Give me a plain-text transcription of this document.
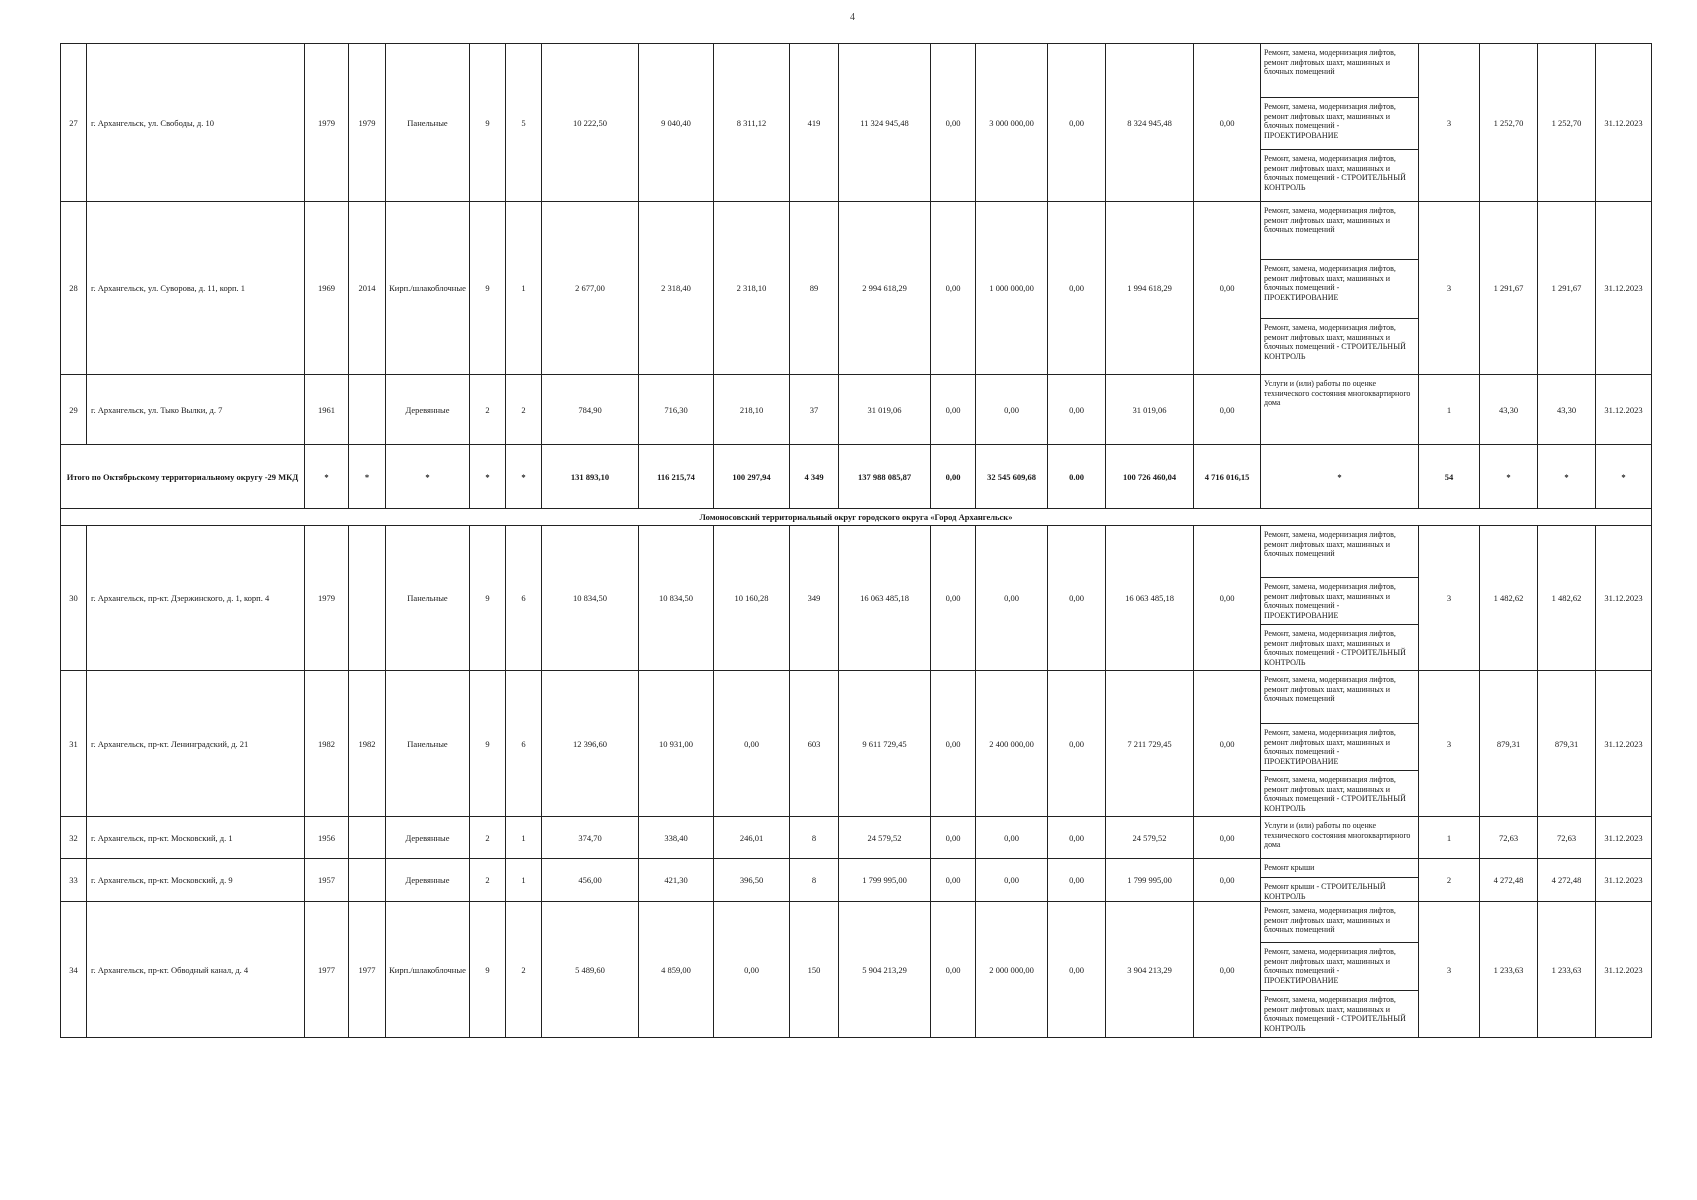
4
27	г. Архангельск, ул. Свободы, д. 10	1979	1979	Панельные	9	5	10 222,50	9 040,40	8 311,12	419	11 324 945,48	0,00	3 000 000,00	0,00	8 324 945,48	0,00	Ремонт, замена, модернизация лифтов, ремонт лифтовых шахт, машинных и блочных помещений	3	1 252,70	1 252,70	31.12.2023
																	Ремонт, замена, модернизация лифтов, ремонт лифтовых шахт, машинных и блочных помещений - ПРОЕКТИРОВАНИЕ				
																	Ремонт, замена, модернизация лифтов, ремонт лифтовых шахт, машинных и блочных помещений - СТРОИТЕЛЬНЫЙ КОНТРОЛЬ				
28	г. Архангельск, ул. Суворова, д. 11, корп. 1	1969	2014	Кирп./шлакоблочные	9	1	2 677,00	2 318,40	2 318,10	89	2 994 618,29	0,00	1 000 000,00	0,00	1 994 618,29	0,00	Ремонт, замена, модернизация лифтов, ремонт лифтовых шахт, машинных и блочных помещений	3	1 291,67	1 291,67	31.12.2023
																	Ремонт, замена, модернизация лифтов, ремонт лифтовых шахт, машинных и блочных помещений - ПРОЕКТИРОВАНИЕ				
																	Ремонт, замена, модернизация лифтов, ремонт лифтовых шахт, машинных и блочных помещений - СТРОИТЕЛЬНЫЙ КОНТРОЛЬ				
29	г. Архангельск, ул. Тыко Вылки, д. 7	1961		Деревянные	2	2	784,90	716,30	218,10	37	31 019,06	0,00	0,00	0,00	31 019,06	0,00	Услуги и (или) работы по оценке технического состояния многоквартирного дома	1	43,30	43,30	31.12.2023
Итого по Октябрьскому территориальному округу -29 МКД		*	*	*	*	*	131 893,10	116 215,74	100 297,94	4 349	137 988 085,87	0,00	32 545 609,68	0.00	100 726 460,04	4 716 016,15	*	54	*	*	*
Ломоносовский территориальный округ городского округа «Город Архангельск»																					
30	г. Архангельск, пр-кт. Дзержинского, д. 1, корп. 4	1979		Панельные	9	6	10 834,50	10 834,50	10 160,28	349	16 063 485,18	0,00	0,00	0,00	16 063 485,18	0,00	Ремонт, замена, модернизация лифтов, ремонт лифтовых шахт, машинных и блочных помещений	3	1 482,62	1 482,62	31.12.2023
																	Ремонт, замена, модернизация лифтов, ремонт лифтовых шахт, машинных и блочных помещений - ПРОЕКТИРОВАНИЕ				
																	Ремонт, замена, модернизация лифтов, ремонт лифтовых шахт, машинных и блочных помещений - СТРОИТЕЛЬНЫЙ КОНТРОЛЬ				
31	г. Архангельск, пр-кт. Ленинградский, д. 21	1982	1982	Панельные	9	6	12 396,60	10 931,00	0,00	603	9 611 729,45	0,00	2 400 000,00	0,00	7 211 729,45	0,00	Ремонт, замена, модернизация лифтов, ремонт лифтовых шахт, машинных и блочных помещений	3	879,31	879,31	31.12.2023
																	Ремонт, замена, модернизация лифтов, ремонт лифтовых шахт, машинных и блочных помещений - ПРОЕКТИРОВАНИЕ				
																	Ремонт, замена, модернизация лифтов, ремонт лифтовых шахт, машинных и блочных помещений - СТРОИТЕЛЬНЫЙ КОНТРОЛЬ				
32	г. Архангельск, пр-кт. Московский, д. 1	1956		Деревянные	2	1	374,70	338,40	246,01	8	24 579,52	0,00	0,00	0,00	24 579,52	0,00	Услуги и (или) работы по оценке технического состояния многоквартирного дома	1	72,63	72,63	31.12.2023
33	г. Архангельск, пр-кт. Московский, д. 9	1957		Деревянные	2	1	456,00	421,30	396,50	8	1 799 995,00	0,00	0,00	0,00	1 799 995,00	0,00	Ремонт крыши	2	4 272,48	4 272,48	31.12.2023
																	Ремонт крыши - СТРОИТЕЛЬНЫЙ КОНТРОЛЬ				
34	г. Архангельск, пр-кт. Обводный канал, д. 4	1977	1977	Кирп./шлакоблочные	9	2	5 489,60	4 859,00	0,00	150	5 904 213,29	0,00	2 000 000,00	0,00	3 904 213,29	0,00	Ремонт, замена, модернизация лифтов, ремонт лифтовых шахт, машинных и блочных помещений	3	1 233,63	1 233,63	31.12.2023
																	Ремонт, замена, модернизация лифтов, ремонт лифтовых шахт, машинных и блочных помещений - ПРОЕКТИРОВАНИЕ				
																	Ремонт, замена, модернизация лифтов, ремонт лифтовых шахт, машинных и блочных помещений - СТРОИТЕЛЬНЫЙ КОНТРОЛЬ				
